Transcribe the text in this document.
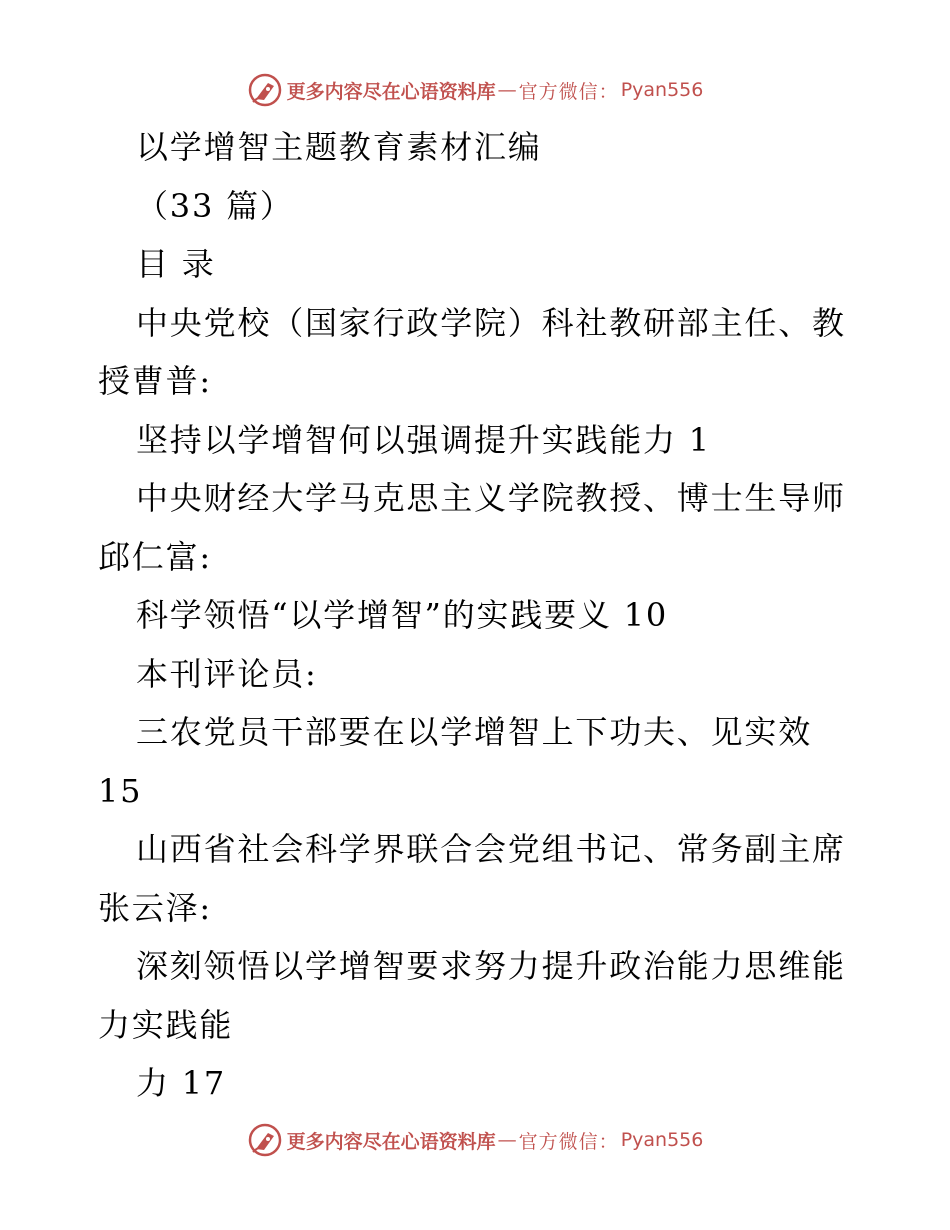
更多内容尽在心语资料库 — 官方微信： Pyan556
以学增智主题教育素材汇编
（33 篇）
目 录
中央党校（国家行政学院）科社教研部主任、教
授曹普:
坚持以学增智何以强调提升实践能力 1
中央财经大学马克思主义学院教授、博士生导师
邱仁富:
科学领悟“以学增智”的实践要义 10
本刊评论员:
三农党员干部要在以学增智上下功夫、见实效
15
山西省社会科学界联合会党组书记、常务副主席
张云泽:
深刻领悟以学增智要求努力提升政治能力思维能
力实践能
力 17
更多内容尽在心语资料库 — 官方微信： Pyan556
